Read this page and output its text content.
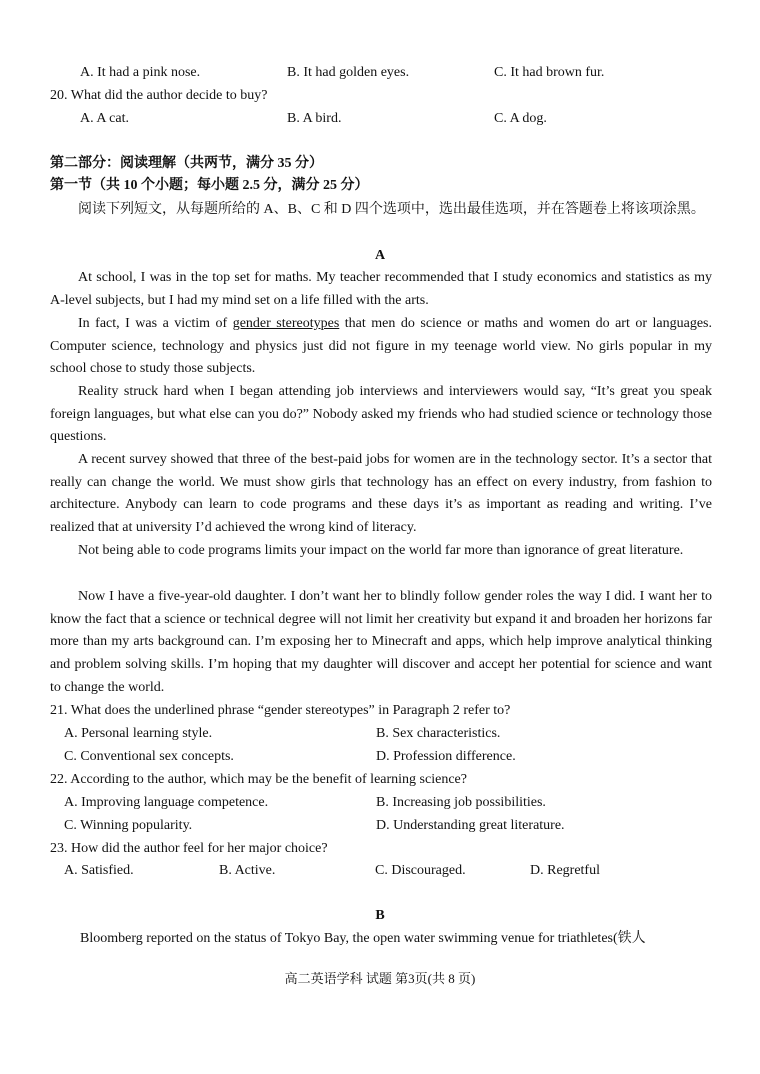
A. It had a pink nose.	B. It had golden eyes.	C. It had brown fur.
20. What did the author decide to buy?
A. A cat.	B. A bird.	C. A dog.
第二部分：阅读理解（共两节，满分 35 分）
第一节（共 10 个小题；每小题 2.5 分，满分 25 分）

阅读下列短文，从每题所给的 A、B、C 和 D 四个选项中，选出最佳选项，并在答题卷上将该项涂黑。

A

At school, I was in the top set for maths. My teacher recommended that I study economics and statistics as my A-level subjects, but I had my mind set on a life filled with the arts.

In fact, I was a victim of gender stereotypes that men do science or maths and women do art or languages. Computer science, technology and physics just did not figure in my teenage world view. No girls popular in my school chose to study those subjects.

Reality struck hard when I began attending job interviews and interviewers would say, “It’s great you speak foreign languages, but what else can you do?” Nobody asked my friends who had studied science or technology those questions.

A recent survey showed that three of the best-paid jobs for women are in the technology sector. It’s a sector that really can change the world. We must show girls that technology has an effect on every industry, from fashion to architecture. Anybody can learn to code programs and these days it’s as important as reading and writing. I’ve realized that at university I’d achieved the wrong kind of literacy.

Not being able to code programs limits your impact on the world far more than ignorance of great literature.

Now I have a five-year-old daughter. I don’t want her to blindly follow gender roles the way I did. I want her to know the fact that a science or technical degree will not limit her creativity but expand it and broaden her horizons far more than my arts background can. I’m exposing her to Minecraft and apps, which help improve analytical thinking and problem solving skills. I’m hoping that my daughter will discover and accept her potential for science and want to change the world.

21. What does the underlined phrase “gender stereotypes” in Paragraph 2 refer to?
A. Personal learning style.	B. Sex characteristics.
C. Conventional sex concepts.	D. Profession difference.
22. According to the author, which may be the benefit of learning science?
A. Improving language competence.	B. Increasing job possibilities.
C. Winning popularity.	D. Understanding great literature.
23. How did the author feel for her major choice?
A. Satisfied.	B. Active.	C. Discouraged.	D. Regretful
B
Bloomberg reported on the status of Tokyo Bay, the open water swimming venue for triathletes(铁人
高二英语学科 试题 第3页(共 8 页)
